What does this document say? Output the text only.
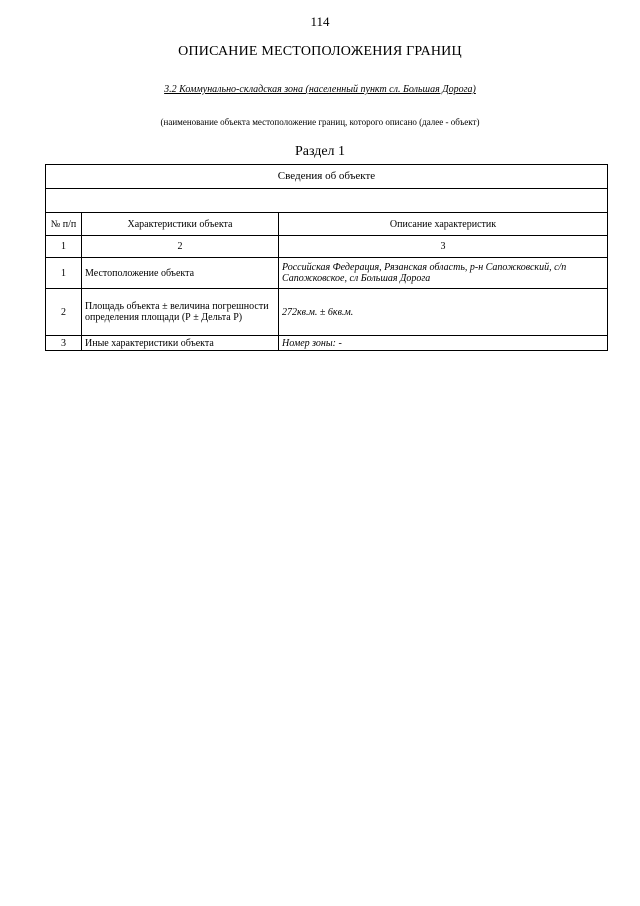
114
ОПИСАНИЕ МЕСТОПОЛОЖЕНИЯ ГРАНИЦ
3.2 Коммунально-складская зона (населенный пункт сл. Большая Дорога)
(наименование объекта местоположение границ, которого описано (далее - объект)
Раздел 1
Сведения об объекте		

№ п/п	Характеристики объекта	Описание характеристик
1	2	3
1	Местоположение объекта	Российская Федерация, Рязанская область, р-н Сапожковский, с/п Сапожковское, сл Большая Дорога
2	Площадь объекта ± величина погрешности определения площади (Р ± Дельта Р)	272кв.м. ± 6кв.м.
3	Иные характеристики объекта	Номер зоны: -
